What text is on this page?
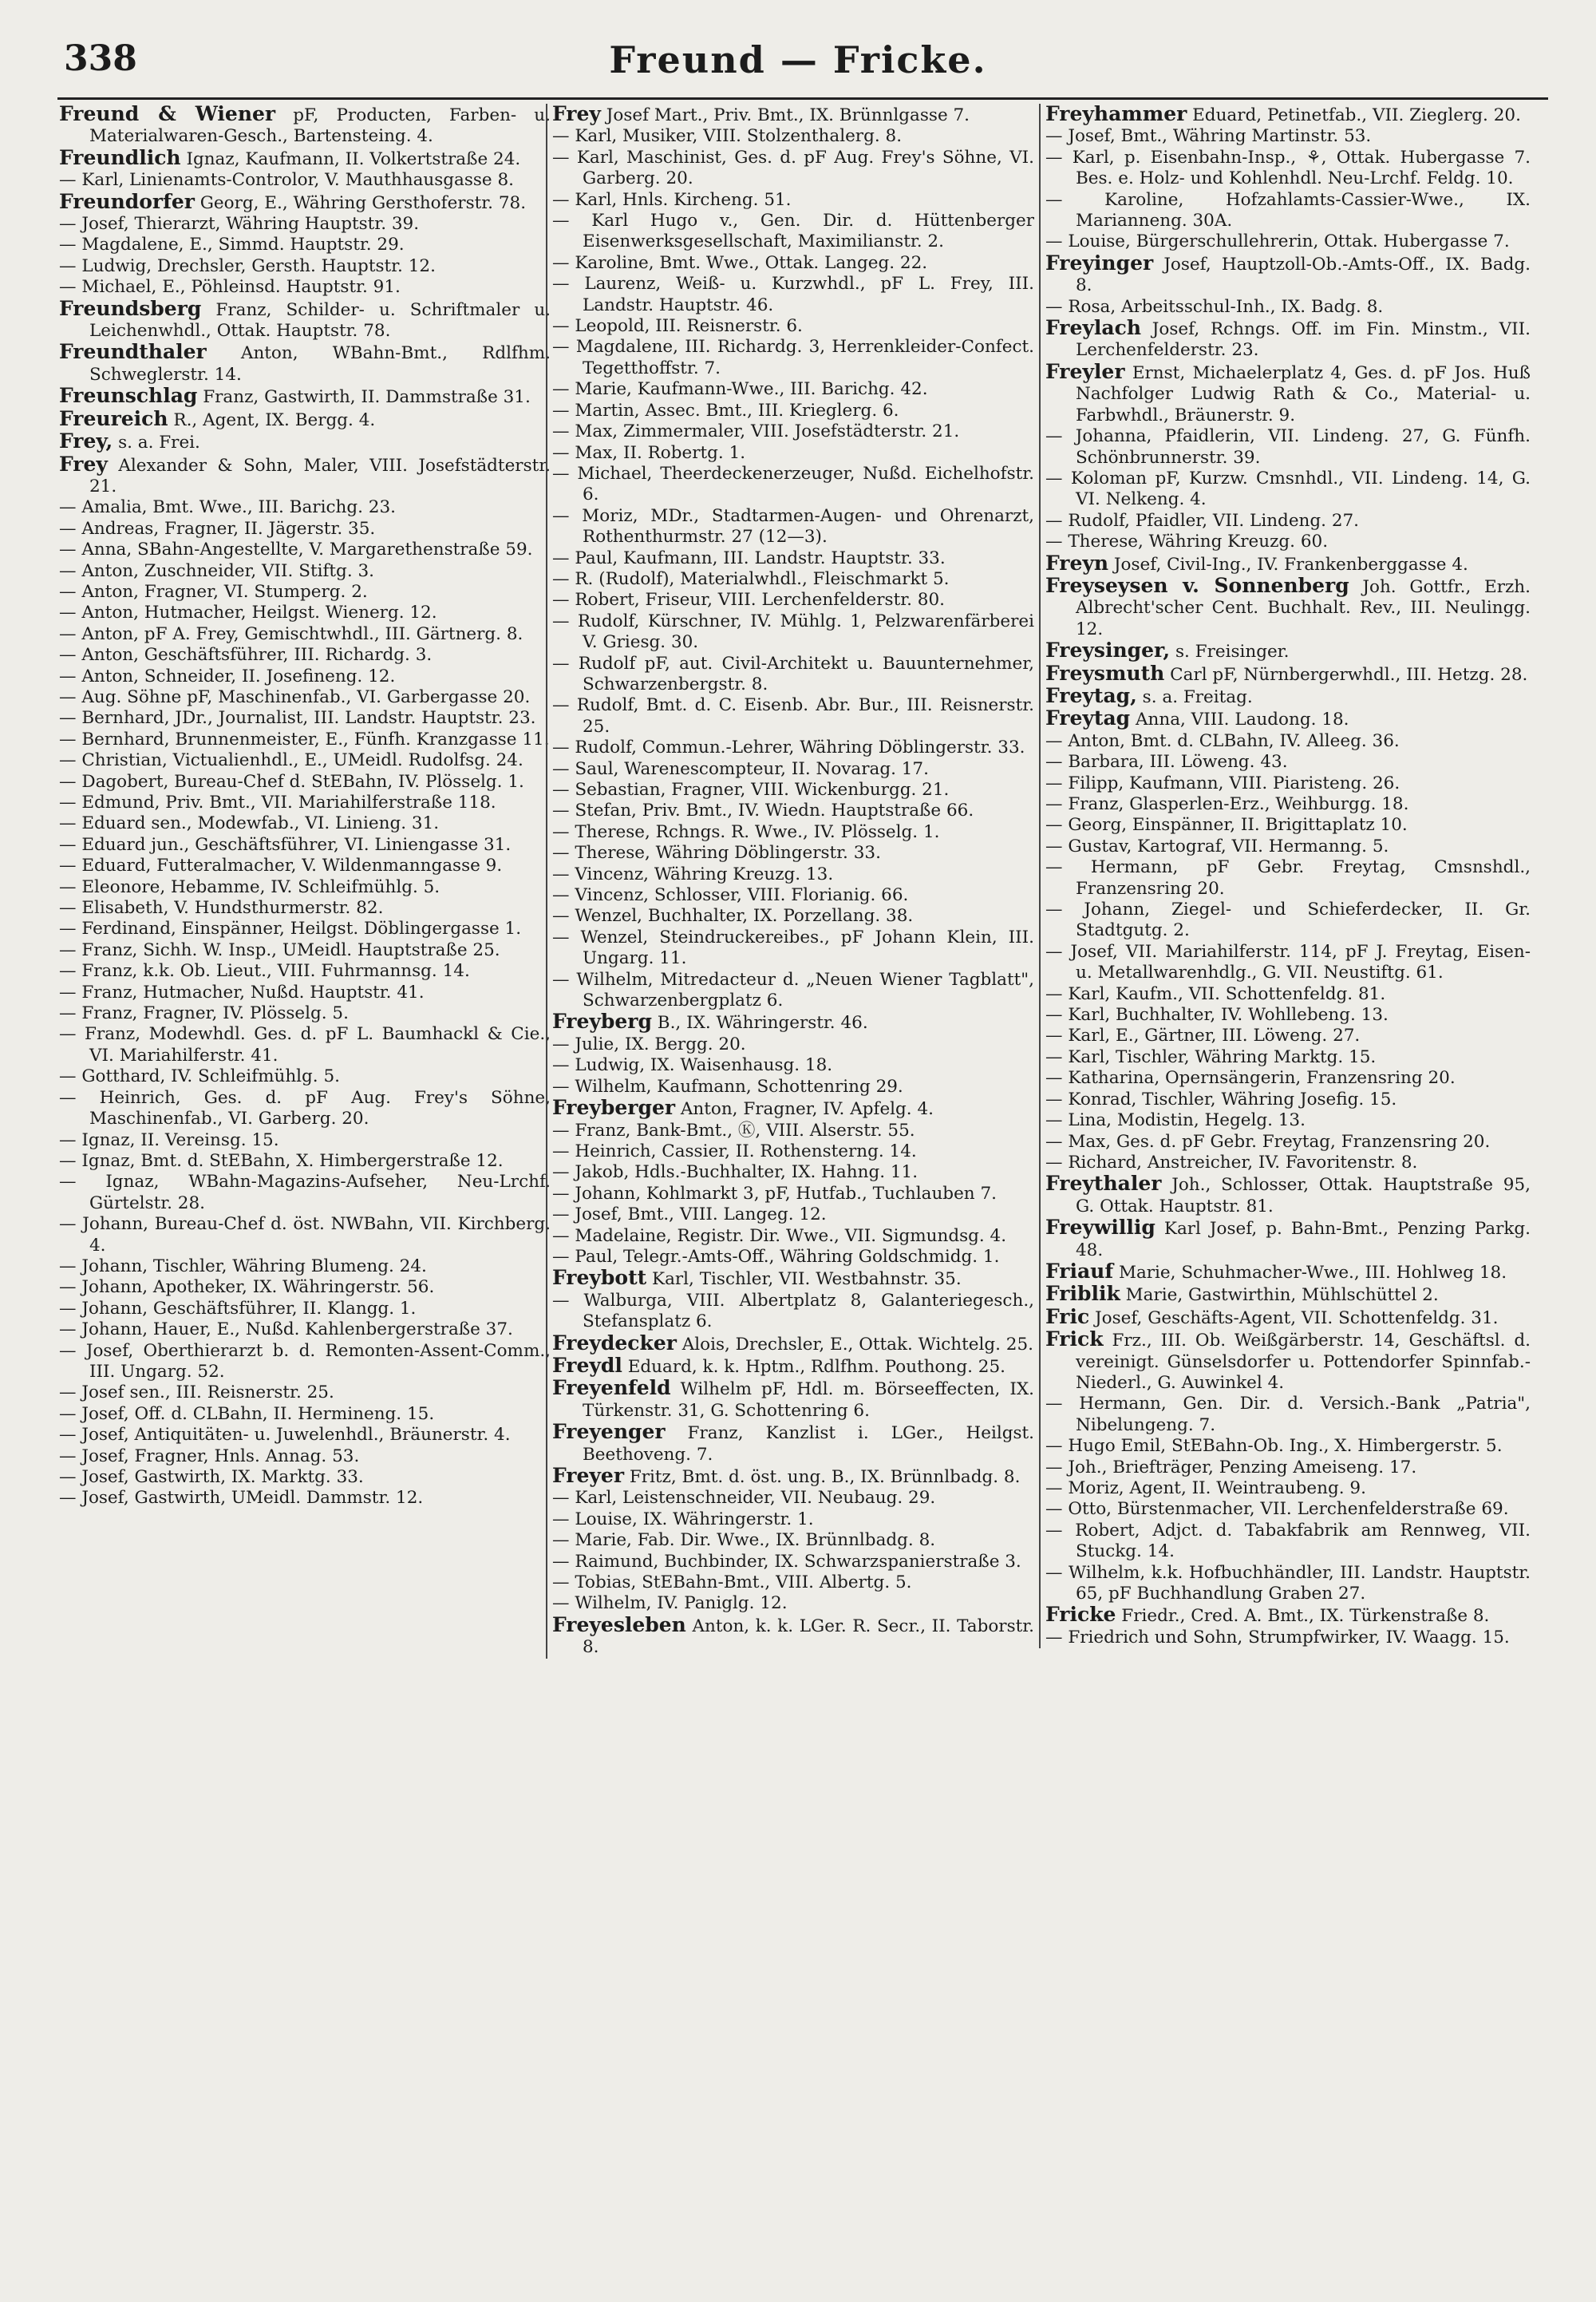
338	Freund — Fricke.
Freund & Wiener pF, Producten, Farben- u. Materialwaren-Gesch., Bartensteing. 4.
Freundlich Ignaz, Kaufmann, II. Volkertstraße 24.
— Karl, Linienamts-Controlor, V. Mauthhausgasse 8.
Freundorfer Georg, E., Währing Gersthoferstr. 78.
— Josef, Thierarzt, Währing Hauptstr. 39.
— Magdalene, E., Simmd. Hauptstr. 29.
— Ludwig, Drechsler, Gersth. Hauptstr. 12.
— Michael, E., Pöhleinsd. Hauptstr. 91.
Freundsberg Franz, Schilder- u. Schriftmaler u. Leichenwhdl., Ottak. Hauptstr. 78.
Freundthaler Anton, WBahn-Bmt., Rdlfhm. Schweglerstr. 14.
Freunschlag Franz, Gastwirth, II. Dammstraße 31.
Freureich R., Agent, IX. Bergg. 4.
Frey, s. a. Frei.
Frey Alexander & Sohn, Maler, VIII. Josefstädterstr. 21.
— Amalia, Bmt. Wwe., III. Barichg. 23.
— Andreas, Fragner, II. Jägerstr. 35.
— Anna, SBahn-Angestellte, V. Margarethenstraße 59.
— Anton, Zuschneider, VII. Stiftg. 3.
— Anton, Fragner, VI. Stumperg. 2.
— Anton, Hutmacher, Heilgst. Wienerg. 12.
— Anton, pF A. Frey, Gemischtwhdl., III. Gärtnerg. 8.
— Anton, Geschäftsführer, III. Richardg. 3.
— Anton, Schneider, II. Josefineng. 12.
— Aug. Söhne pF, Maschinenfab., VI. Garbergasse 20.
— Bernhard, JDr., Journalist, III. Landstr. Hauptstr. 23.
— Bernhard, Brunnenmeister, E., Fünfh. Kranzgasse 11.
— Christian, Victualienhdl., E., UMeidl. Rudolfsg. 24.
— Dagobert, Bureau-Chef d. StEBahn, IV. Plösselg. 1.
— Edmund, Priv. Bmt., VII. Mariahilferstraße 118.
— Eduard sen., Modewfab., VI. Linieng. 31.
— Eduard jun., Geschäftsführer, VI. Liniengasse 31.
— Eduard, Futteralmacher, V. Wildenmanngasse 9.
— Eleonore, Hebamme, IV. Schleifmühlg. 5.
— Elisabeth, V. Hundsthurmerstr. 82.
— Ferdinand, Einspänner, Heilgst. Döblingergasse 1.
— Franz, Sichh. W. Insp., UMeidl. Hauptstraße 25.
— Franz, k.k. Ob. Lieut., VIII. Fuhrmannsg. 14.
— Franz, Hutmacher, Nußd. Hauptstr. 41.
— Franz, Fragner, IV. Plösselg. 5.
— Franz, Modewhdl. Ges. d. pF L. Baumhackl & Cie., VI. Mariahilferstr. 41.
— Gotthard, IV. Schleifmühlg. 5.
— Heinrich, Ges. d. pF Aug. Frey's Söhne, Maschinenfab., VI. Garberg. 20.
— Ignaz, II. Vereinsg. 15.
— Ignaz, Bmt. d. StEBahn, X. Himbergerstraße 12.
— Ignaz, WBahn-Magazins-Aufseher, Neu-Lrchf. Gürtelstr. 28.
— Johann, Bureau-Chef d. öst. NWBahn, VII. Kirchberg. 4.
— Johann, Tischler, Währing Blumeng. 24.
— Johann, Apotheker, IX. Währingerstr. 56.
— Johann, Geschäftsführer, II. Klangg. 1.
— Johann, Hauer, E., Nußd. Kahlenbergerstraße 37.
— Josef, Oberthierarzt b. d. Remonten-Assent-Comm., III. Ungarg. 52.
— Josef sen., III. Reisnerstr. 25.
— Josef, Off. d. CLBahn, II. Hermineng. 15.
— Josef, Antiquitäten- u. Juwelenhdl., Bräunerstr. 4.
— Josef, Fragner, Hnls. Annag. 53.
— Josef, Gastwirth, IX. Marktg. 33.
— Josef, Gastwirth, UMeidl. Dammstr. 12.
Frey Josef Mart., Priv. Bmt., IX. Brünnlgasse 7.
— Karl, Musiker, VIII. Stolzenthalerg. 8.
— Karl, Maschinist, Ges. d. pF Aug. Frey's Söhne, VI. Garberg. 20.
— Karl, Hnls. Kircheng. 51.
— Karl Hugo v., Gen. Dir. d. Hüttenberger Eisenwerksgesellschaft, Maximilianstr. 2.
— Karoline, Bmt. Wwe., Ottak. Langeg. 22.
— Laurenz, Weiß- u. Kurzwhdl., pF L. Frey, III. Landstr. Hauptstr. 46.
— Leopold, III. Reisnerstr. 6.
— Magdalene, III. Richardg. 3, Herrenkleider-Confect. Tegetthoffstr. 7.
— Marie, Kaufmann-Wwe., III. Barichg. 42.
— Martin, Assec. Bmt., III. Krieglerg. 6.
— Max, Zimmermaler, VIII. Josefstädterstr. 21.
— Max, II. Robertg. 1.
— Michael, Theerdeckenerzeuger, Nußd. Eichelhofstr. 6.
— Moriz, MDr., Stadtarmen-Augen- und Ohrenarzt, Rothenthurmstr. 27 (12—3).
— Paul, Kaufmann, III. Landstr. Hauptstr. 33.
— R. (Rudolf), Materialwhdl., Fleischmarkt 5.
— Robert, Friseur, VIII. Lerchenfelderstr. 80.
— Rudolf, Kürschner, IV. Mühlg. 1, Pelzwarenfärberei V. Griesg. 30.
— Rudolf pF, aut. Civil-Architekt u. Bauunternehmer, Schwarzenbergstr. 8.
— Rudolf, Bmt. d. C. Eisenb. Abr. Bur., III. Reisnerstr. 25.
— Rudolf, Commun.-Lehrer, Währing Döblingerstr. 33.
— Saul, Warenescompteur, II. Novarag. 17.
— Sebastian, Fragner, VIII. Wickenburgg. 21.
— Stefan, Priv. Bmt., IV. Wiedn. Hauptstraße 66.
— Therese, Rchngs. R. Wwe., IV. Plösselg. 1.
— Therese, Währing Döblingerstr. 33.
— Vincenz, Währing Kreuzg. 13.
— Vincenz, Schlosser, VIII. Florianig. 66.
— Wenzel, Buchhalter, IX. Porzellang. 38.
— Wenzel, Steindruckereibes., pF Johann Klein, III. Ungarg. 11.
— Wilhelm, Mitredacteur d. „Neuen Wiener Tagblatt", Schwarzenbergplatz 6.
Freyberg B., IX. Währingerstr. 46.
— Julie, IX. Bergg. 20.
— Ludwig, IX. Waisenhausg. 18.
— Wilhelm, Kaufmann, Schottenring 29.
Freyberger Anton, Fragner, IV. Apfelg. 4.
— Franz, Bank-Bmt., Ⓚ, VIII. Alserstr. 55.
— Heinrich, Cassier, II. Rothensterng. 14.
— Jakob, Hdls.-Buchhalter, IX. Hahng. 11.
— Johann, Kohlmarkt 3, pF, Hutfab., Tuchlauben 7.
— Josef, Bmt., VIII. Langeg. 12.
— Madelaine, Registr. Dir. Wwe., VII. Sigmundsg. 4.
— Paul, Telegr.-Amts-Off., Währing Goldschmidg. 1.
Freybott Karl, Tischler, VII. Westbahnstr. 35.
— Walburga, VIII. Albertplatz 8, Galanteriegesch., Stefansplatz 6.
Freydecker Alois, Drechsler, E., Ottak. Wichtelg. 25.
Freydl Eduard, k. k. Hptm., Rdlfhm. Pouthong. 25.
Freyenfeld Wilhelm pF, Hdl. m. Börseeffecten, IX. Türkenstr. 31, G. Schottenring 6.
Freyenger Franz, Kanzlist i. LGer., Heilgst. Beethoveng. 7.
Freyer Fritz, Bmt. d. öst. ung. B., IX. Brünnlbadg. 8.
— Karl, Leistenschneider, VII. Neubaug. 29.
— Louise, IX. Währingerstr. 1.
— Marie, Fab. Dir. Wwe., IX. Brünnlbadg. 8.
— Raimund, Buchbinder, IX. Schwarzspanierstraße 3.
— Tobias, StEBahn-Bmt., VIII. Albertg. 5.
— Wilhelm, IV. Paniglg. 12.
Freyesleben Anton, k. k. LGer. R. Secr., II. Taborstr. 8.
Freyhammer Eduard, Petinetfab., VII. Zieglerg. 20.
— Josef, Bmt., Währing Martinstr. 53.
— Karl, p. Eisenbahn-Insp., ⚘, Ottak. Hubergasse 7. Bes. e. Holz- und Kohlenhdl. Neu-Lrchf. Feldg. 10.
— Karoline, Hofzahlamts-Cassier-Wwe., IX. Marianneng. 30A.
— Louise, Bürgerschullehrerin, Ottak. Hubergasse 7.
Freyinger Josef, Hauptzoll-Ob.-Amts-Off., IX. Badg. 8.
— Rosa, Arbeitsschul-Inh., IX. Badg. 8.
Freylach Josef, Rchngs. Off. im Fin. Minstm., VII. Lerchenfelderstr. 23.
Freyler Ernst, Michaelerplatz 4, Ges. d. pF Jos. Huß Nachfolger Ludwig Rath & Co., Material- u. Farbwhdl., Bräunerstr. 9.
— Johanna, Pfaidlerin, VII. Lindeng. 27, G. Fünfh. Schönbrunnerstr. 39.
— Koloman pF, Kurzw. Cmsnhdl., VII. Lindeng. 14, G. VI. Nelkeng. 4.
— Rudolf, Pfaidler, VII. Lindeng. 27.
— Therese, Währing Kreuzg. 60.
Freyn Josef, Civil-Ing., IV. Frankenberggasse 4.
Freyseysen v. Sonnenberg Joh. Gottfr., Erzh. Albrecht'scher Cent. Buchhalt. Rev., III. Neulingg. 12.
Freysinger, s. Freisinger.
Freysmuth Carl pF, Nürnbergerwhdl., III. Hetzg. 28.
Freytag, s. a. Freitag.
Freytag Anna, VIII. Laudong. 18.
— Anton, Bmt. d. CLBahn, IV. Alleeg. 36.
— Barbara, III. Löweng. 43.
— Filipp, Kaufmann, VIII. Piaristeng. 26.
— Franz, Glasperlen-Erz., Weihburgg. 18.
— Georg, Einspänner, II. Brigittaplatz 10.
— Gustav, Kartograf, VII. Hermanng. 5.
— Hermann, pF Gebr. Freytag, Cmsnshdl., Franzensring 20.
— Johann, Ziegel- und Schieferdecker, II. Gr. Stadtgutg. 2.
— Josef, VII. Mariahilferstr. 114, pF J. Freytag, Eisen- u. Metallwarenhdlg., G. VII. Neustiftg. 61.
— Karl, Kaufm., VII. Schottenfeldg. 81.
— Karl, Buchhalter, IV. Wohllebeng. 13.
— Karl, E., Gärtner, III. Löweng. 27.
— Karl, Tischler, Währing Marktg. 15.
— Katharina, Opernsängerin, Franzensring 20.
— Konrad, Tischler, Währing Josefig. 15.
— Lina, Modistin, Hegelg. 13.
— Max, Ges. d. pF Gebr. Freytag, Franzensring 20.
— Richard, Anstreicher, IV. Favoritenstr. 8.
Freythaler Joh., Schlosser, Ottak. Hauptstraße 95, G. Ottak. Hauptstr. 81.
Freywillig Karl Josef, p. Bahn-Bmt., Penzing Parkg. 48.
Friauf Marie, Schuhmacher-Wwe., III. Hohlweg 18.
Friblik Marie, Gastwirthin, Mühlschüttel 2.
Fric Josef, Geschäfts-Agent, VII. Schottenfeldg. 31.
Frick Frz., III. Ob. Weißgärberstr. 14, Geschäftsl. d. vereinigt. Günselsdorfer u. Pottendorfer Spinnfab.-Niederl., G. Auwinkel 4.
— Hermann, Gen. Dir. d. Versich.-Bank „Patria", Nibelungeng. 7.
— Hugo Emil, StEBahn-Ob. Ing., X. Himbergerstr. 5.
— Joh., Briefträger, Penzing Ameiseng. 17.
— Moriz, Agent, II. Weintraubeng. 9.
— Otto, Bürstenmacher, VII. Lerchenfelderstraße 69.
— Robert, Adjct. d. Tabakfabrik am Rennweg, VII. Stuckg. 14.
— Wilhelm, k.k. Hofbuchhändler, III. Landstr. Hauptstr. 65, pF Buchhandlung Graben 27.
Fricke Friedr., Cred. A. Bmt., IX. Türkenstraße 8.
— Friedrich und Sohn, Strumpfwirker, IV. Waagg. 15.
